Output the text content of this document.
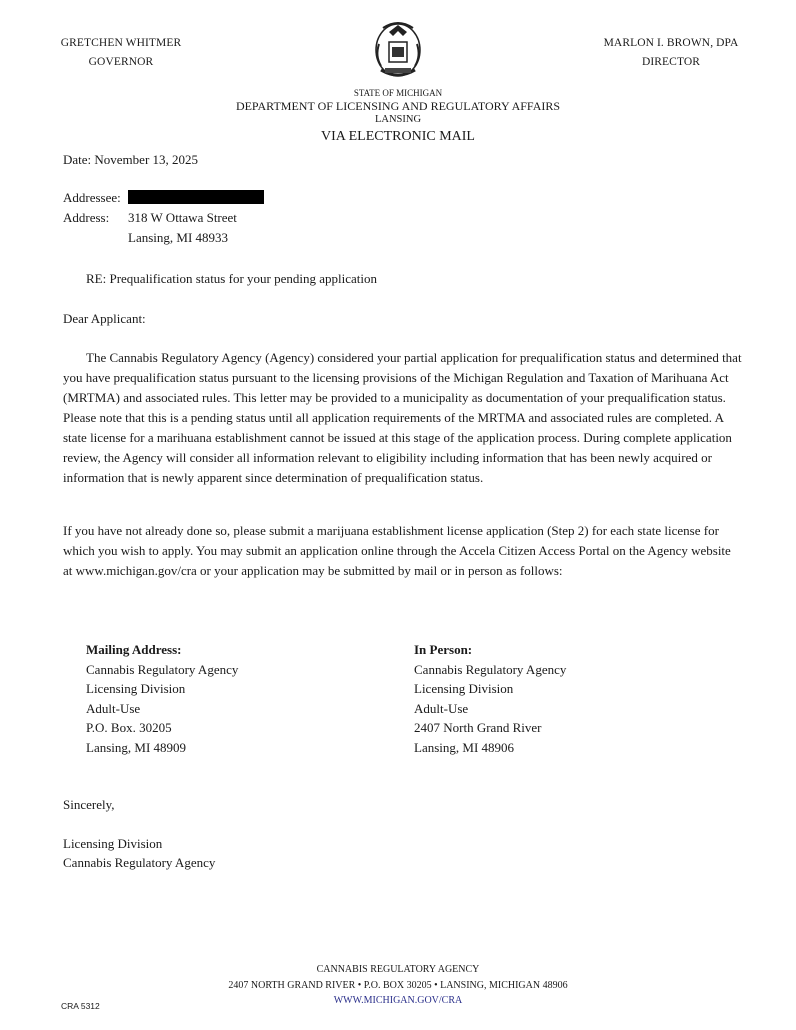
GRETCHEN WHITMER
GOVERNOR
MARLON I. BROWN, DPA
DIRECTOR
STATE OF MICHIGAN
DEPARTMENT OF LICENSING AND REGULATORY AFFAIRS
LANSING
VIA ELECTRONIC MAIL
Date: November 13, 2025
Addressee:
Address: 318 W Ottawa Street
Lansing, MI 48933
RE: Prequalification status for your pending application
Dear Applicant:
The Cannabis Regulatory Agency (Agency) considered your partial application for prequalification status and determined that you have prequalification status pursuant to the licensing provisions of the Michigan Regulation and Taxation of Marihuana Act (MRTMA) and associated rules. This letter may be provided to a municipality as documentation of your prequalification status. Please note that this is a pending status until all application requirements of the MRTMA and associated rules are completed. A state license for a marihuana establishment cannot be issued at this stage of the application process. During complete application review, the Agency will consider all information relevant to eligibility including information that has been newly acquired or information that is newly apparent since determination of prequalification status.
If you have not already done so, please submit a marijuana establishment license application (Step 2) for each state license for which you wish to apply. You may submit an application online through the Accela Citizen Access Portal on the Agency website at www.michigan.gov/cra or your application may be submitted by mail or in person as follows:
Mailing Address:
Cannabis Regulatory Agency
Licensing Division
Adult-Use
P.O. Box. 30205
Lansing, MI 48909
In Person:
Cannabis Regulatory Agency
Licensing Division
Adult-Use
2407 North Grand River
Lansing, MI 48906
Sincerely,
Licensing Division
Cannabis Regulatory Agency
CANNABIS REGULATORY AGENCY
2407 NORTH GRAND RIVER • P.O. BOX 30205 • LANSING, MICHIGAN 48906
WWW.MICHIGAN.GOV/CRA
CRA 5312
